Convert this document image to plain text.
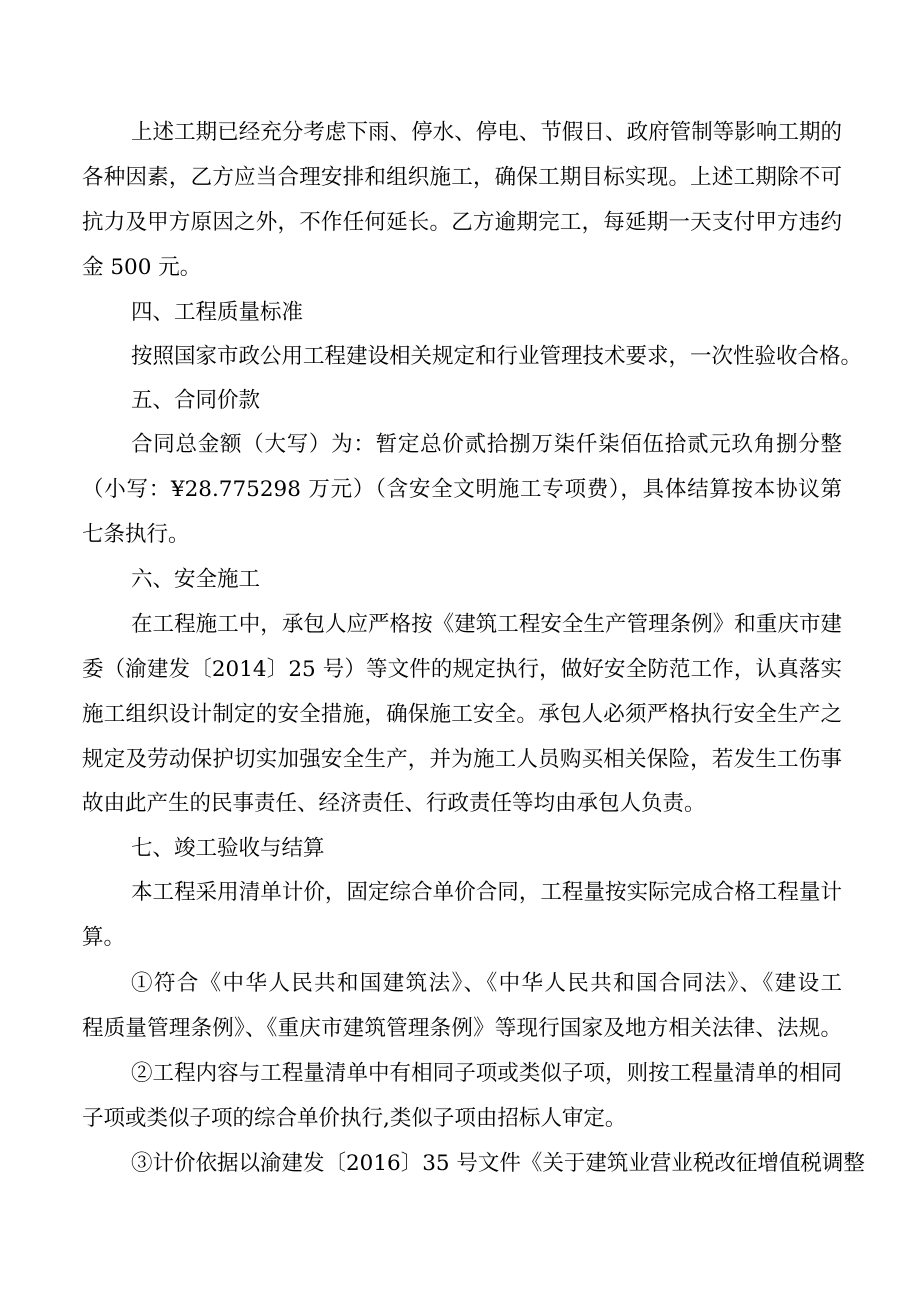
上述工期已经充分考虑下雨、停水、停电、节假日、政府管制等影响工期的
各种因素，乙方应当合理安排和组织施工，确保工期目标实现。上述工期除不可
抗力及甲方原因之外，不作任何延长。乙方逾期完工，每延期一天支付甲方违约
金 500 元。
四、工程质量标准
按照国家市政公用工程建设相关规定和行业管理技术要求，一次性验收合格。
五、合同价款
合同总金额（大写）为：暂定总价贰拾捌万柒仟柒佰伍拾贰元玖角捌分整
（小写：¥28.775298 万元）（含安全文明施工专项费），具体结算按本协议第
七条执行。
六、安全施工
在工程施工中，承包人应严格按《建筑工程安全生产管理条例》和重庆市建
委（渝建发〔2014〕25 号）等文件的规定执行，做好安全防范工作，认真落实
施工组织设计制定的安全措施，确保施工安全。承包人必须严格执行安全生产之
规定及劳动保护切实加强安全生产，并为施工人员购买相关保险，若发生工伤事
故由此产生的民事责任、经济责任、行政责任等均由承包人负责。
七、竣工验收与结算
本工程采用清单计价，固定综合单价合同，工程量按实际完成合格工程量计
算。
①符合《中华人民共和国建筑法》、《中华人民共和国合同法》、《建设工
程质量管理条例》、《重庆市建筑管理条例》等现行国家及地方相关法律、法规。
②工程内容与工程量清单中有相同子项或类似子项，则按工程量清单的相同
子项或类似子项的综合单价执行,类似子项由招标人审定。
③计价依据以渝建发〔2016〕35 号文件《关于建筑业营业税改征增值税调整
